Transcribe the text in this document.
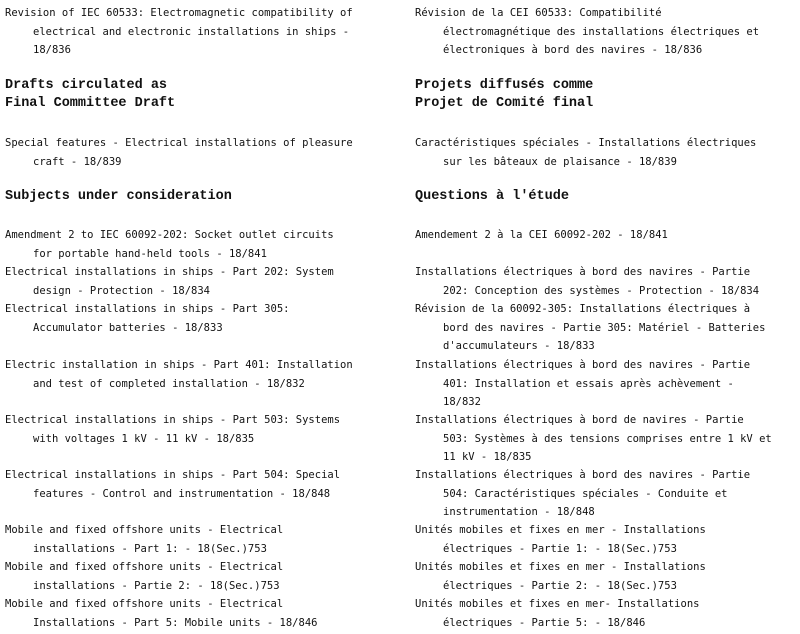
Revision of IEC 60533: Electromagnetic compatibility of
electrical and electronic installations in ships -
18/836
Drafts circulated as
Final Committee Draft
Special features - Electrical installations of pleasure
craft - 18/839
Subjects under consideration
Amendment 2 to IEC 60092-202: Socket outlet circuits
for portable hand-held tools - 18/841
Electrical installations in ships - Part 202: System
design - Protection - 18/834
Electrical installations in ships - Part 305:
Accumulator batteries - 18/833
Electric installation in ships - Part 401: Installation
and test of completed installation - 18/832
Electrical installations in ships - Part 503: Systems
with voltages 1 kV - 11 kV - 18/835
Electrical installations in ships - Part 504: Special
features - Control and instrumentation - 18/848
Mobile and fixed offshore units - Electrical
installations - Part 1: - 18(Sec.)753
Mobile and fixed offshore units - Electrical
installations - Partie 2: - 18(Sec.)753
Mobile and fixed offshore units - Electrical
Installations - Part 5: Mobile units - 18/846
Révision de la CEI 60533: Compatibilité
électromagnétique des installations électriques et
électroniques à bord des navires - 18/836
Projets diffusés comme
Projet de Comité final
Caractéristiques spéciales - Installations électriques
sur les bâteaux de plaisance - 18/839
Questions à l'étude
Amendement 2 à la CEI 60092-202 - 18/841
Installations électriques à bord des navires - Partie
202: Conception des systèmes - Protection - 18/834
Révision de la 60092-305: Installations électriques à
bord des navires - Partie 305: Matériel - Batteries
d'accumulateurs - 18/833
Installations électriques à bord des navires - Partie
401: Installation et essais après achèvement -
18/832
Installations électriques à bord de navires - Partie
503: Systèmes à des tensions comprises entre 1 kV et
11 kV - 18/835
Installations électriques à bord des navires - Partie
504: Caractéristiques spéciales - Conduite et
instrumentation - 18/848
Unités mobiles et fixes en mer - Installations
électriques - Partie 1: - 18(Sec.)753
Unités mobiles et fixes en mer - Installations
électriques - Partie 2: - 18(Sec.)753
Unités mobiles et fixes en mer- Installations
électriques - Partie 5: - 18/846
